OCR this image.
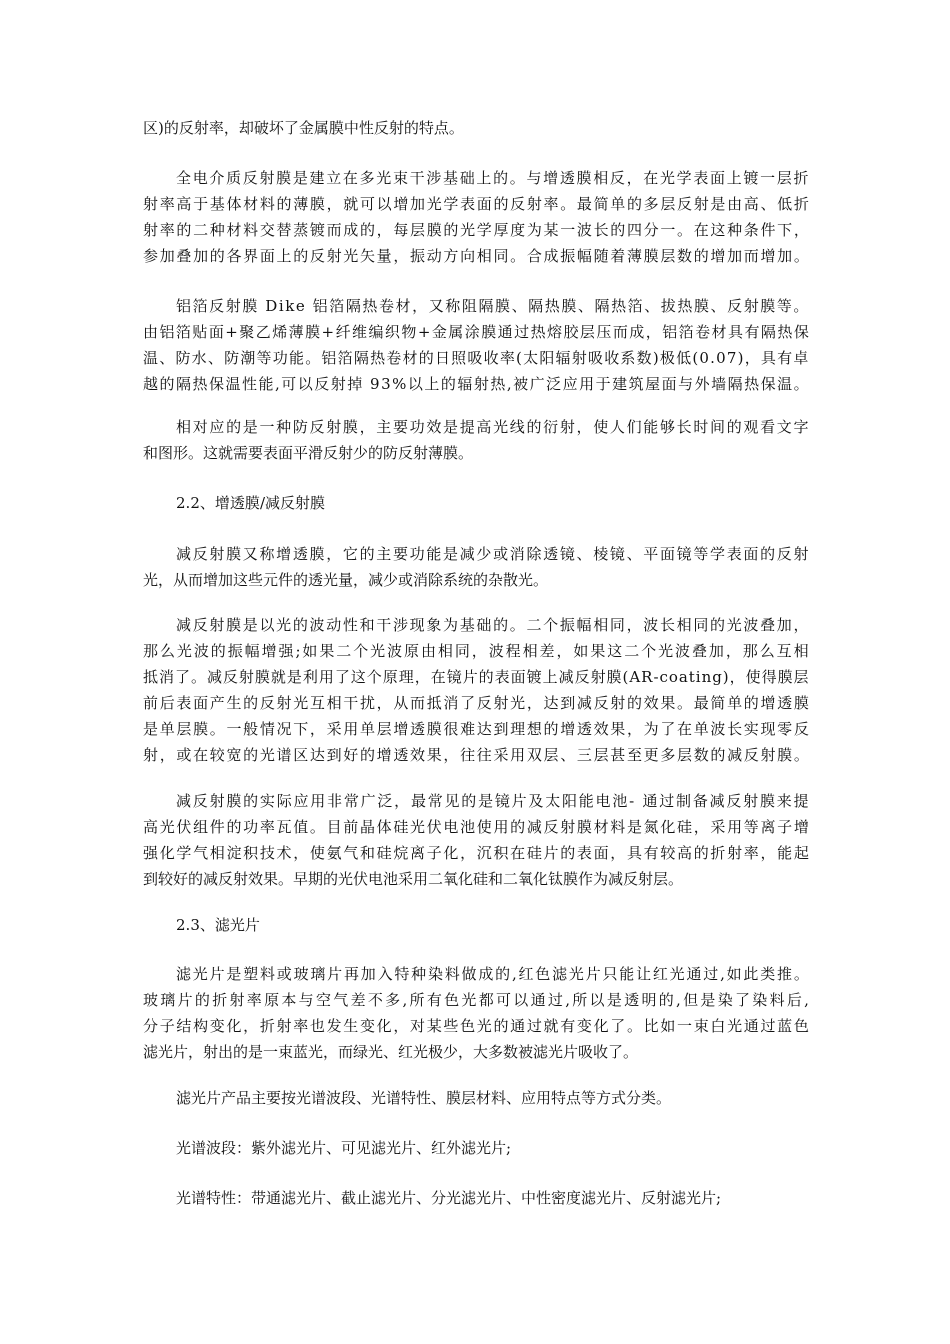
区)的反射率，却破坏了金属膜中性反射的特点。
全 电 介 质 反 射 膜 是 建 立 在 多 光 束 干 涉 基 础 上 的 。 与 增 透 膜 相 反 ， 在 光 学 表 面 上 镀 一 层 折
射 率 高 于 基 体 材 料 的 薄 膜 ， 就 可 以 增 加 光 学 表 面 的 反 射 率 。 最 简 单 的 多 层 反 射 是 由 高 、 低 折
射 率 的 二 种 材 料 交 替 蒸 镀 而 成 的 ， 每 层 膜 的 光 学 厚 度 为 某 一 波 长 的 四 分 一 。 在 这 种 条 件 下 ，
参 加 叠 加 的 各 界 面 上 的 反 射 光 矢 量 ， 振 动 方 向 相 同 。 合 成 振 幅 随 着 薄 膜 层 数 的 增 加 而 增 加 。
铝 箔 反 射 膜
D i k e
铝 箔 隔 热 卷 材 ， 又 称 阻 隔 膜 、 隔 热 膜 、 隔 热 箔 、 拔 热 膜 、 反 射 膜 等 。
由 铝 箔 贴 面 + 聚 乙 烯 薄 膜 + 纤 维 编 织 物 + 金 属 涂 膜 通 过 热 熔 胶 层 压 而 成 ， 铝 箔 卷 材 具 有 隔 热 保
温 、 防 水 、 防 潮 等 功 能 。 铝 箔 隔 热 卷 材 的 日 照 吸 收 率 ( 太 阳 辐 射 吸 收 系 数 ) 极 低 ( 0 . 0 7 ) ， 具 有 卓
越 的 隔 热 保 温 性 能 , 可 以 反 射 掉
9 3 % 以 上 的 辐 射 热 , 被 广 泛 应 用 于 建 筑 屋 面 与 外 墙 隔 热 保 温 。
相 对 应 的 是 一 种 防 反 射 膜 ， 主 要 功 效 是 提 高 光 线 的 衍 射 ， 使 人 们 能 够 长 时 间 的 观 看 文 字
和图形。这就需要表面平滑反射少的防反射薄膜。
2 . 2 、 增 透 膜 / 减 反 射 膜
减 反 射 膜 又 称 增 透 膜 ， 它 的 主 要 功 能 是 减 少 或 消 除 透 镜 、 棱 镜 、 平 面 镜 等 学 表 面 的 反 射
光，从而增加这些元件的透光量，减少或消除系统的杂散光。
减 反 射 膜 是 以 光 的 波 动 性 和 干 涉 现 象 为 基 础 的 。 二 个 振 幅 相 同 ， 波 长 相 同 的 光 波 叠 加 ，
那 么 光 波 的 振 幅 增 强 ; 如 果 二 个 光 波 原 由 相 同 ， 波 程 相 差 ， 如 果 这 二 个 光 波 叠 加 ， 那 么 互 相
抵 消 了 。 减 反 射 膜 就 是 利 用 了 这 个 原 理 ， 在 镜 片 的 表 面 镀 上 减 反 射 膜 ( A R - c o a t i n g ) ， 使 得 膜 层
前 后 表 面 产 生 的 反 射 光 互 相 干 扰 ， 从 而 抵 消 了 反 射 光 ， 达 到 减 反 射 的 效 果 。 最 简 单 的 增 透 膜
是 单 层 膜 。 一 般 情 况 下 ， 采 用 单 层 增 透 膜 很 难 达 到 理 想 的 增 透 效 果 ， 为 了 在 单 波 长 实 现 零 反
射 ， 或 在 较 宽 的 光 谱 区 达 到 好 的 增 透 效 果 ， 往 往 采 用 双 层 、 三 层 甚 至 更 多 层 数 的 减 反 射 膜 。
减 反 射 膜 的 实 际 应 用 非 常 广 泛 ， 最 常 见 的 是 镜 片 及 太 阳 能 电 池 -
通 过 制 备 减 反 射 膜 来 提
高 光 伏 组 件 的 功 率 瓦 值 。 目 前 晶 体 硅 光 伏 电 池 使 用 的 减 反 射 膜 材 料 是 氮 化 硅 ， 采 用 等 离 子 增
强 化 学 气 相 淀 积 技 术 ， 使 氨 气 和 硅 烷 离 子 化 ， 沉 积 在 硅 片 的 表 面 ， 具 有 较 高 的 折 射 率 ， 能 起
到较好的减反射效果。早期的光伏电池采用二氧化硅和二氧化钛膜作为减反射层。
2 . 3 、 滤 光 片
滤 光 片 是 塑 料 或 玻 璃 片 再 加 入 特 种 染 料 做 成 的 , 红 色 滤 光 片 只 能 让 红 光 通 过 , 如 此 类 推 。
玻 璃 片 的 折 射 率 原 本 与 空 气 差 不 多 , 所 有 色 光 都 可 以 通 过 , 所 以 是 透 明 的 , 但 是 染 了 染 料 后 ,
分 子 结 构 变 化 ， 折 射 率 也 发 生 变 化 ， 对 某 些 色 光 的 通 过 就 有 变 化 了 。 比 如 一 束 白 光 通 过 蓝 色
滤光片，射出的是一束蓝光，而绿光、红光极少，大多数被滤光片吸收了。
滤光片产品主要按光谱波段、光谱特性、膜层材料、应用特点等方式分类。
光谱波段：紫外滤光片、可见滤光片、红外滤光片;
光谱特性：带通滤光片、截止滤光片、分光滤光片、中性密度滤光片、反射滤光片;
